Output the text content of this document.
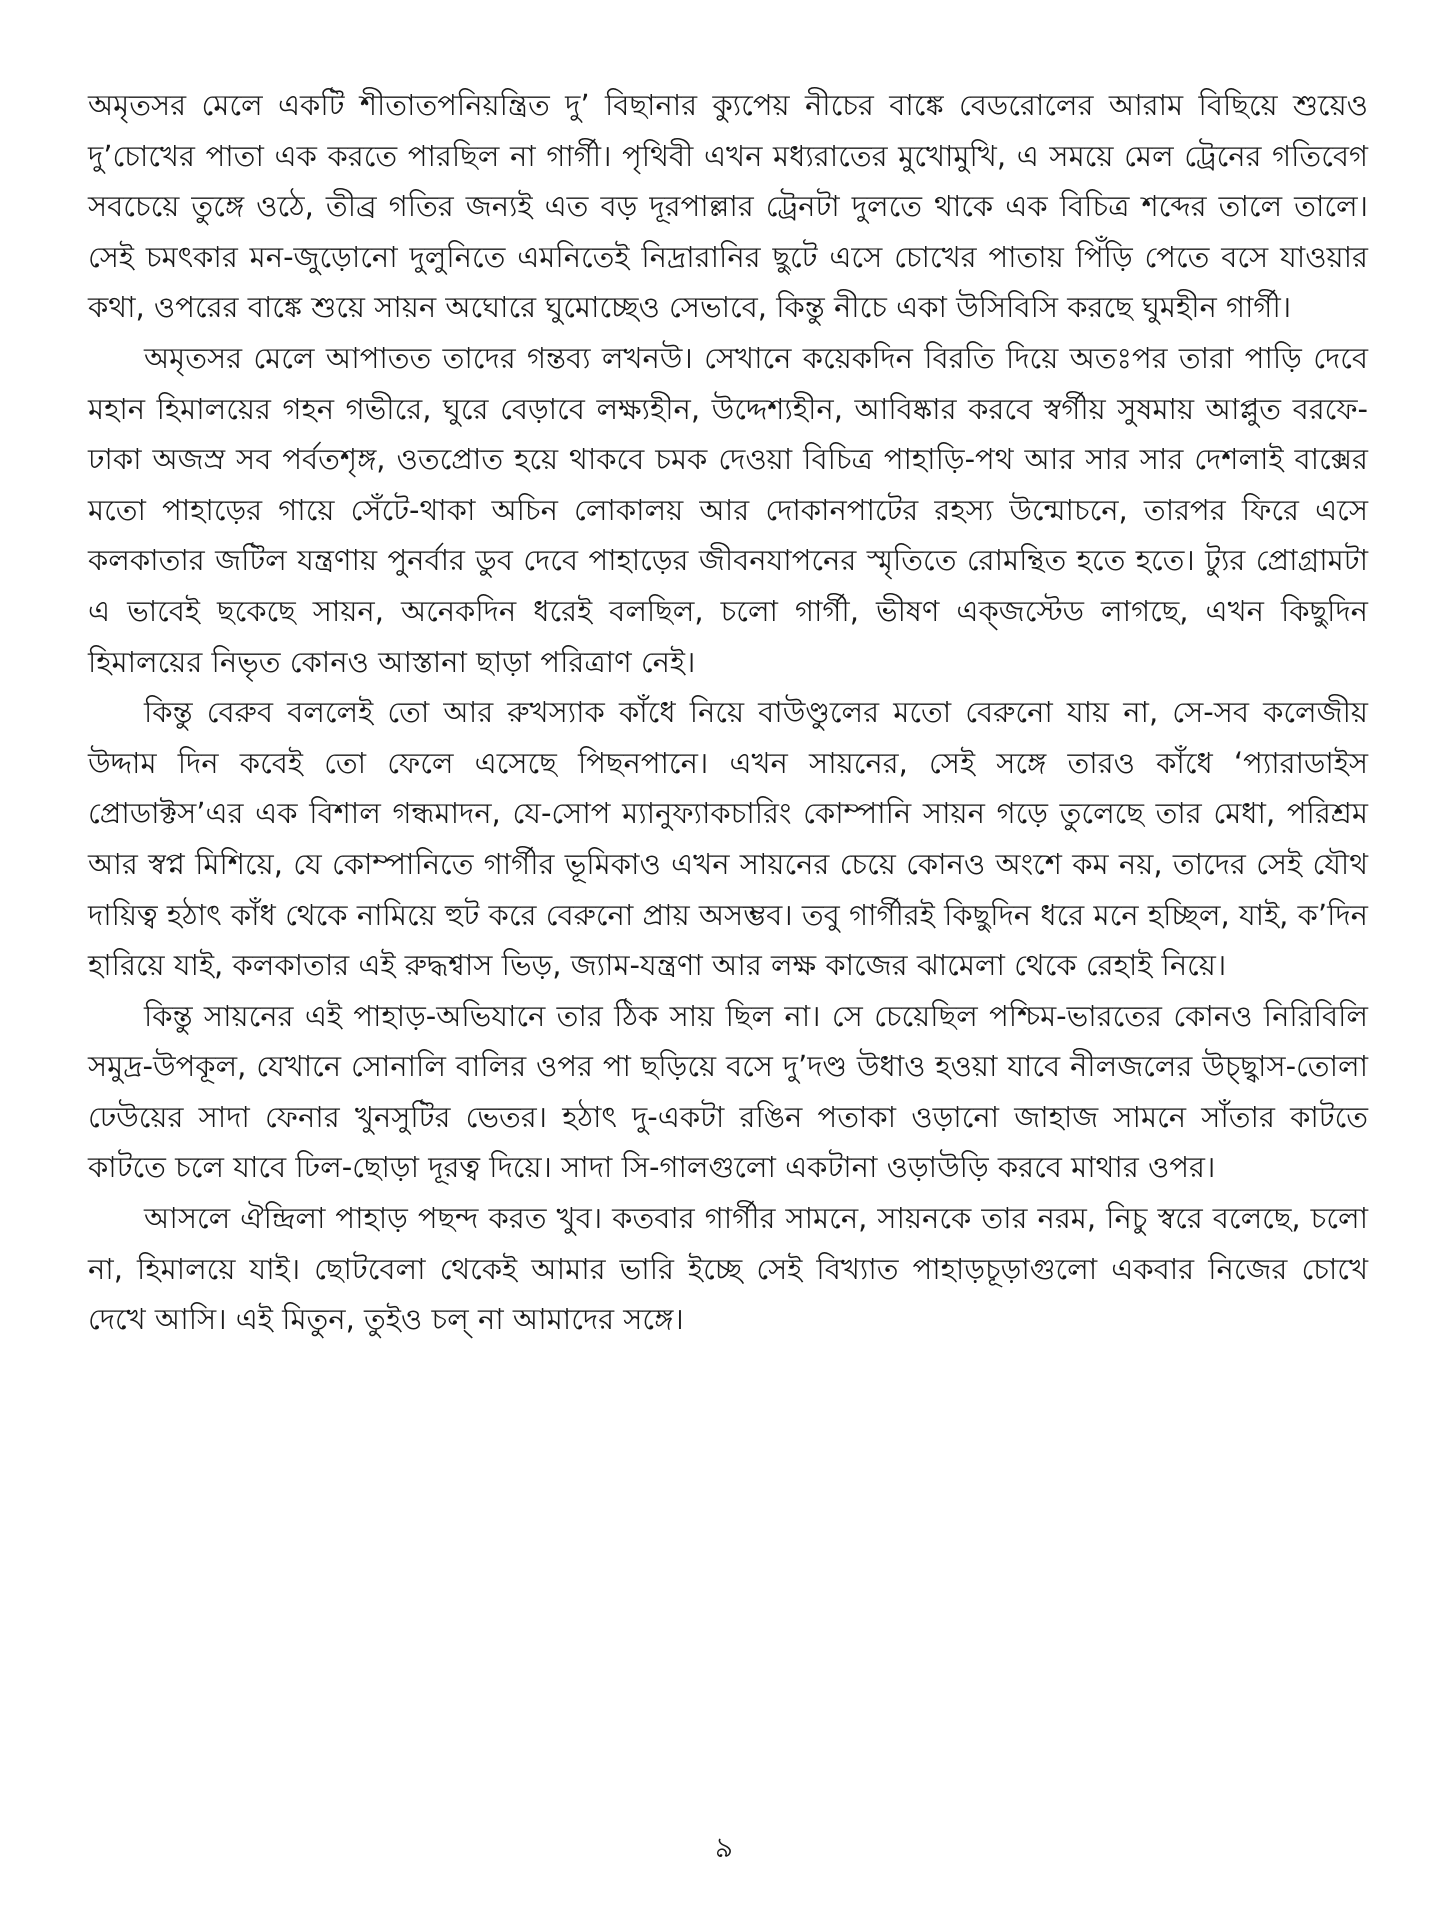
অমৃতসর মেলে একটি শীতাতপনিয়ন্ত্রিত দু’ বিছানার ক্যুপেয় নীচের বাঙ্কে বেডরোলের আরাম বিছিয়ে শুয়েও দু’চোখের পাতা এক করতে পারছিল না গার্গী। পৃথিবী এখন মধ্যরাতের মুখোমুখি, এ সময়ে মেল ট্রেনের গতিবেগ সবচেয়ে তুঙ্গে ওঠে, তীব্র গতির জন্যই এত বড় দূরপাল্লার ট্রেনটা দুলতে থাকে এক বিচিত্র শব্দের তালে তালে। সেই চমৎকার মন-জুড়োনো দুলুনিতে এমনিতেই নিদ্রারানির ছুটে এসে চোখের পাতায় পিঁড়ি পেতে বসে যাওয়ার কথা, ওপরের বাঙ্কে শুয়ে সায়ন অঘোরে ঘুমোচ্ছেও সেভাবে, কিন্তু নীচে একা উসিবিসি করছে ঘুমহীন গার্গী।

অমৃতসর মেলে আপাতত তাদের গন্তব্য লখনউ। সেখানে কয়েকদিন বিরতি দিয়ে অতঃপর তারা পাড়ি দেবে মহান হিমালয়ের গহন গভীরে, ঘুরে বেড়াবে লক্ষ্যহীন, উদ্দেশ্যহীন, আবিষ্কার করবে স্বর্গীয় সুষমায় আপ্লুত বরফে-ঢাকা অজস্র সব পর্বতশৃঙ্গ, ওতপ্রোত হয়ে থাকবে চমক দেওয়া বিচিত্র পাহাড়ি-পথ আর সার সার দেশলাই বাক্সের মতো পাহাড়ের গায়ে সেঁটে-থাকা অচিন লোকালয় আর দোকানপাটের রহস্য উন্মোচনে, তারপর ফিরে এসে কলকাতার জটিল যন্ত্রণায় পুনর্বার ডুব দেবে পাহাড়ের জীবনযাপনের স্মৃতিতে রোমন্থিত হতে হতে। ট্যুর প্রোগ্রামটা এ ভাবেই ছকেছে সায়ন, অনেকদিন ধরেই বলছিল, চলো গার্গী, ভীষণ এক্‌জস্টেড লাগছে, এখন কিছুদিন হিমালয়ের নিভৃত কোনও আস্তানা ছাড়া পরিত্রাণ নেই।

কিন্তু বেরুব বললেই তো আর রুখস্যাক কাঁধে নিয়ে বাউণ্ডুলের মতো বেরুনো যায় না, সে-সব কলেজীয় উদ্দাম দিন কবেই তো ফেলে এসেছে পিছনপানে। এখন সায়নের, সেই সঙ্গে তারও কাঁধে ‘প্যারাডাইস প্রোডাক্টস’এর এক বিশাল গন্ধমাদন, যে-সোপ ম্যানুফ্যাকচারিং কোম্পানি সায়ন গড়ে তুলেছে তার মেধা, পরিশ্রম আর স্বপ্ন মিশিয়ে, যে কোম্পানিতে গার্গীর ভূমিকাও এখন সায়নের চেয়ে কোনও অংশে কম নয়, তাদের সেই যৌথ দায়িত্ব হঠাৎ কাঁধ থেকে নামিয়ে হুট করে বেরুনো প্রায় অসম্ভব। তবু গার্গীরই কিছুদিন ধরে মনে হচ্ছিল, যাই, ক’দিন হারিয়ে যাই, কলকাতার এই রুদ্ধশ্বাস ভিড়, জ্যাম-যন্ত্রণা আর লক্ষ কাজের ঝামেলা থেকে রেহাই নিয়ে।

কিন্তু সায়নের এই পাহাড়-অভিযানে তার ঠিক সায় ছিল না। সে চেয়েছিল পশ্চিম-ভারতের কোনও নিরিবিলি সমুদ্র-উপকূল, যেখানে সোনালি বালির ওপর পা ছড়িয়ে বসে দু’দণ্ড উধাও হওয়া যাবে নীলজলের উচ্ছ্বাস-তোলা ঢেউয়ের সাদা ফেনার খুনসুটির ভেতর। হঠাৎ দু-একটা রঙিন পতাকা ওড়ানো জাহাজ সামনে সাঁতার কাটতে কাটতে চলে যাবে ঢিল-ছোড়া দূরত্ব দিয়ে। সাদা সি-গালগুলো একটানা ওড়াউড়ি করবে মাথার ওপর।

আসলে ঐন্দ্রিলা পাহাড় পছন্দ করত খুব। কতবার গার্গীর সামনে, সায়নকে তার নরম, নিচু স্বরে বলেছে, চলো না, হিমালয়ে যাই। ছোটবেলা থেকেই আমার ভারি ইচ্ছে সেই বিখ্যাত পাহাড়চূড়াগুলো একবার নিজের চোখে দেখে আসি। এই মিতুন, তুইও চল্‌ না আমাদের সঙ্গে।

৯
